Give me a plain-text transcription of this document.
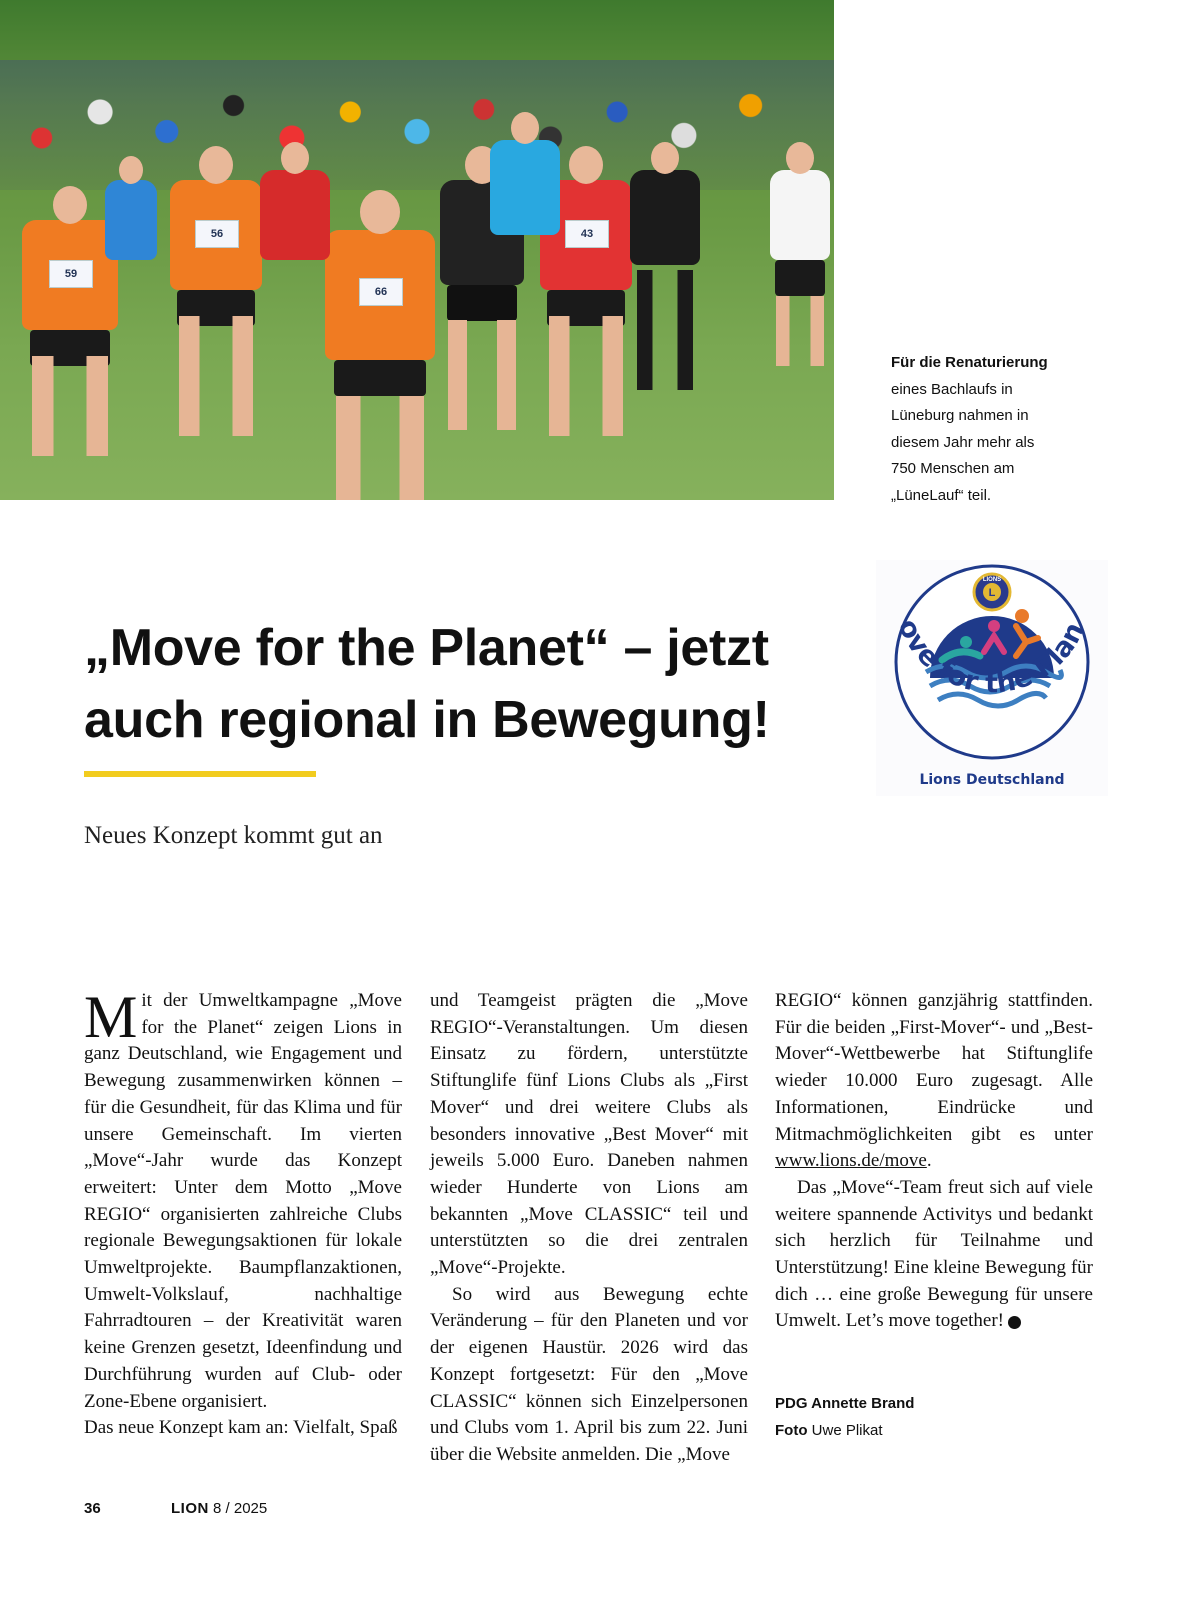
59
56
66
43
Für die Renaturierung
eines Bachlaufs in
Lüneburg nahmen in
diesem Jahr mehr als
750 Menschen am
„LüneLauf“ teil.
LIONS
L
ove for the Plan
Lions Deutschland
„Move for the Planet“ – jetzt
auch regional in Bewegung!
Neues Konzept kommt gut an

Mit der Umweltkampagne „Move for the Planet“ zeigen Lions in ganz Deutschland, wie Engagement und Bewegung zusammenwirken können – für die Gesundheit, für das Klima und für unsere Gemeinschaft. Im vierten „Move“-Jahr wurde das Konzept erweitert: Unter dem Motto „Move REGIO“ organisierten zahlreiche Clubs regionale Bewegungsaktionen für lokale Umweltprojekte. Baumpflanzaktionen, Umwelt-Volkslauf, nachhaltige Fahrradtouren – der Kreativität waren keine Grenzen gesetzt, Ideenfindung und Durchführung wurden auf Club- oder Zone-Ebene organisiert.

Das neue Konzept kam an: Vielfalt, Spaß

und Teamgeist prägten die „Move REGIO“-Veranstaltungen. Um diesen Einsatz zu fördern, unterstützte Stiftunglife fünf Lions Clubs als „First Mover“ und drei weitere Clubs als besonders innovative „Best Mover“ mit jeweils 5.000 Euro. Daneben nahmen wieder Hunderte von Lions am bekannten „Move CLASSIC“ teil und unterstützten so die drei zentralen „Move“-Projekte.

So wird aus Bewegung echte Veränderung – für den Planeten und vor der eigenen Haustür. 2026 wird das Konzept fortgesetzt: Für den „Move CLASSIC“ können sich Einzelpersonen und Clubs vom 1. April bis zum 22. Juni über die Website anmelden. Die „Move

REGIO“ können ganzjährig stattfinden. Für die beiden „First-Mover“- und „Best-Mover“-Wettbewerbe hat Stiftunglife wieder 10.000 Euro zugesagt. Alle Informationen, Eindrücke und Mitmachmöglichkeiten gibt es unter www.lions.de/move.

Das „Move“-Team freut sich auf viele weitere spannende Activitys und bedankt sich herzlich für Teilnahme und Unterstützung! Eine kleine Bewegung für dich … eine große Bewegung für unsere Umwelt. Let’s move together!	L

PDG Annette Brand
Foto Uwe Plikat
36	LION 8 / 2025
